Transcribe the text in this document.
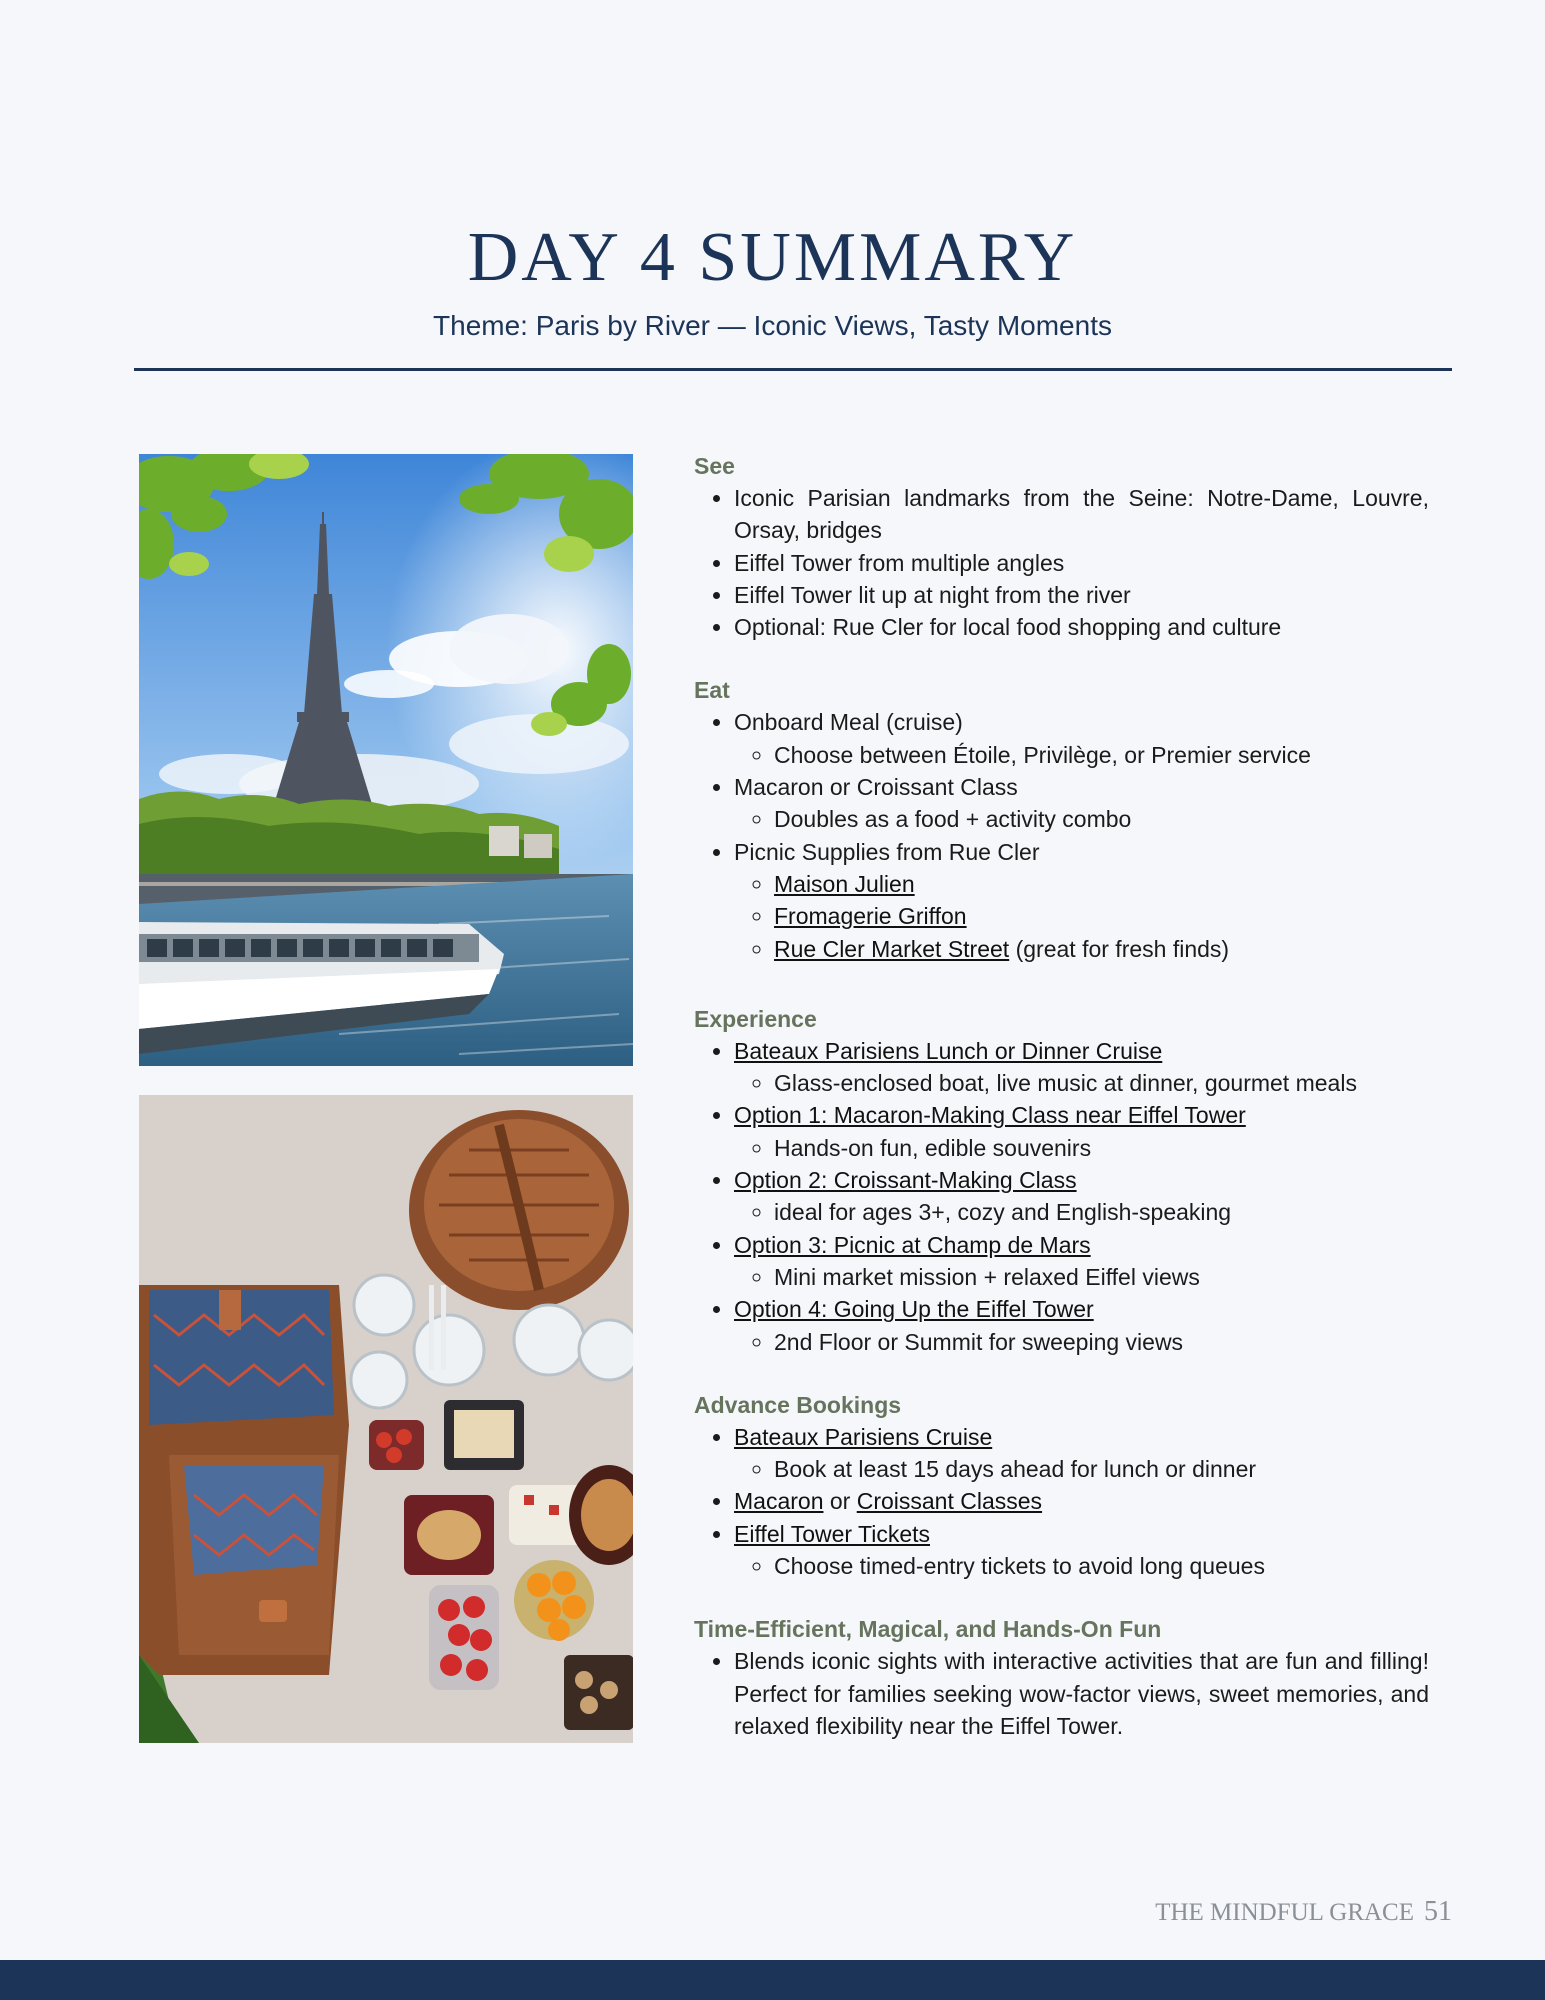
DAY 4 SUMMARY

Theme: Paris by River — Iconic Views, Tasty Moments

See

• Iconic Parisian landmarks from the Seine: Notre-Dame, Louvre, Orsay, bridges
• Eiffel Tower from multiple angles
• Eiffel Tower lit up at night from the river
• Optional: Rue Cler for local food shopping and culture

Eat

• Onboard Meal (cruise)
◦ Choose between Étoile, Privilège, or Premier service
• Macaron or Croissant Class
◦ Doubles as a food + activity combo
• Picnic Supplies from Rue Cler
◦ Maison Julien
◦ Fromagerie Griffon
◦ Rue Cler Market Street (great for fresh finds)

Experience

• Bateaux Parisiens Lunch or Dinner Cruise
◦ Glass-enclosed boat, live music at dinner, gourmet meals
• Option 1: Macaron-Making Class near Eiffel Tower
◦ Hands-on fun, edible souvenirs
• Option 2: Croissant-Making Class
◦ ideal for ages 3+, cozy and English-speaking
• Option 3: Picnic at Champ de Mars
◦ Mini market mission + relaxed Eiffel views
• Option 4: Going Up the Eiffel Tower
◦ 2nd Floor or Summit for sweeping views

Advance Bookings

• Bateaux Parisiens Cruise
◦ Book at least 15 days ahead for lunch or dinner
• Macaron or Croissant Classes
• Eiffel Tower Tickets
◦ Choose timed-entry tickets to avoid long queues

Time-Efficient, Magical, and Hands-On Fun

• Blends iconic sights with interactive activities that are fun and filling! Perfect for families seeking wow-factor views, sweet memories, and relaxed flexibility near the Eiffel Tower.
THE MINDFUL GRACE 51
